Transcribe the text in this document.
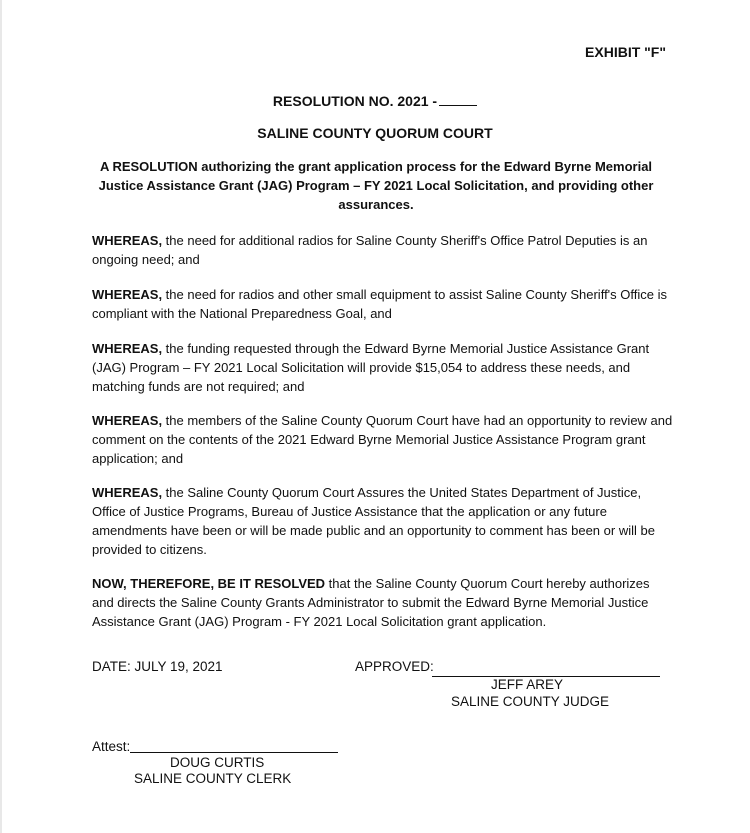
EXHIBIT "F"
RESOLUTION NO. 2021 -
SALINE COUNTY QUORUM COURT
A RESOLUTION authorizing the grant application process for the Edward Byrne Memorial Justice Assistance Grant (JAG) Program – FY 2021 Local Solicitation, and providing other assurances.
WHEREAS, the need for additional radios for Saline County Sheriff's Office Patrol Deputies is an ongoing need; and
WHEREAS, the need for radios and other small equipment to assist Saline County Sheriff's Office is compliant with the National Preparedness Goal, and
WHEREAS, the funding requested through the Edward Byrne Memorial Justice Assistance Grant (JAG) Program – FY 2021 Local Solicitation will provide $15,054 to address these needs, and matching funds are not required; and
WHEREAS, the members of the Saline County Quorum Court have had an opportunity to review and comment on the contents of the 2021 Edward Byrne Memorial Justice Assistance Program grant application; and
WHEREAS, the Saline County Quorum Court Assures the United States Department of Justice, Office of Justice Programs, Bureau of Justice Assistance that the application or any future amendments have been or will be made public and an opportunity to comment has been or will be provided to citizens.
NOW, THEREFORE, BE IT RESOLVED that the Saline County Quorum Court hereby authorizes and directs the Saline County Grants Administrator to submit the Edward Byrne Memorial Justice Assistance Grant (JAG) Program - FY 2021 Local Solicitation grant application.
DATE: JULY 19, 2021	APPROVED:
JEFF AREY
SALINE COUNTY JUDGE
Attest:
DOUG CURTIS
SALINE COUNTY CLERK
